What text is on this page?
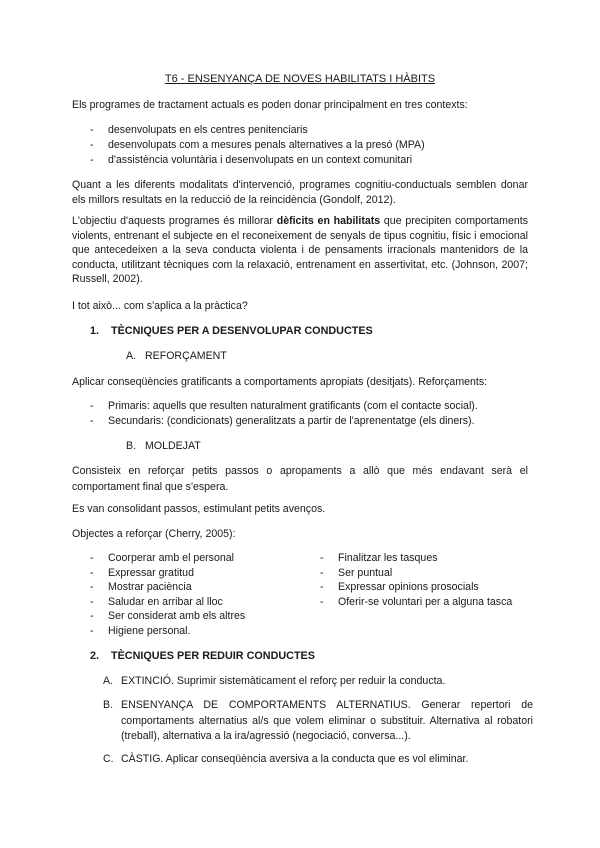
T6 - ENSENYANÇA DE NOVES HABILITATS I HÀBITS
Els programes de tractament actuals es poden donar principalment en tres contexts:
- desenvolupats en els centres penitenciaris
- desenvolupats com a mesures penals alternatives a la presó (MPA)
- d'assistència voluntària i desenvolupats en un context comunitari
Quant a les diferents modalitats d'intervenció, programes cognitiu-conductuals semblen donar els millors resultats en la reducció de la reincidència (Gondolf, 2012).
L'objectiu d'aquests programes és millorar dèficits en habilitats que precipiten comportaments violents, entrenant el subjecte en el reconeixement de senyals de tipus cognitiu, físic i emocional que antecedeixen a la seva conducta violenta i de pensaments irracionals mantenidors de la conducta, utilitzant tècniques com la relaxació, entrenament en assertivitat, etc. (Johnson, 2007; Russell, 2002).
I tot això... com s'aplica a la pràctica?
1. TÈCNIQUES PER A DESENVOLUPAR CONDUCTES
A. REFORÇAMENT
Aplicar conseqüències gratificants a comportaments apropiats (desitjats). Reforçaments:
- Primaris: aquells que resulten naturalment gratificants (com el contacte social).
- Secundaris: (condicionats) generalitzats a partir de l'aprenentatge (els diners).
B. MOLDEJAT
Consisteix en reforçar petits passos o apropaments a allò que més endavant serà el comportament final que s'espera.
Es van consolidant passos, estimulant petits avenços.
Objectes a reforçar (Cherry, 2005):
- Coorperar amb el personal
- Expressar gratitud
- Mostrar paciència
- Saludar en arribar al lloc
- Ser considerat amb els altres
- Higiene personal.
- Finalitzar les tasques
- Ser puntual
- Expressar opinions prosocials
- Oferir-se voluntari per a alguna tasca
2. TÈCNIQUES PER REDUIR CONDUCTES
A. EXTINCIÓ. Suprimir sistemàticament el reforç per reduir la conducta.
B. ENSENYANÇA DE COMPORTAMENTS ALTERNATIUS. Generar repertori de comportaments alternatius al/s que volem eliminar o substituir. Alternativa al robatori (treball), alternativa a la ira/agressió (negociació, conversa...).
C. CÀSTIG. Aplicar conseqüència aversiva a la conducta que es vol eliminar.
